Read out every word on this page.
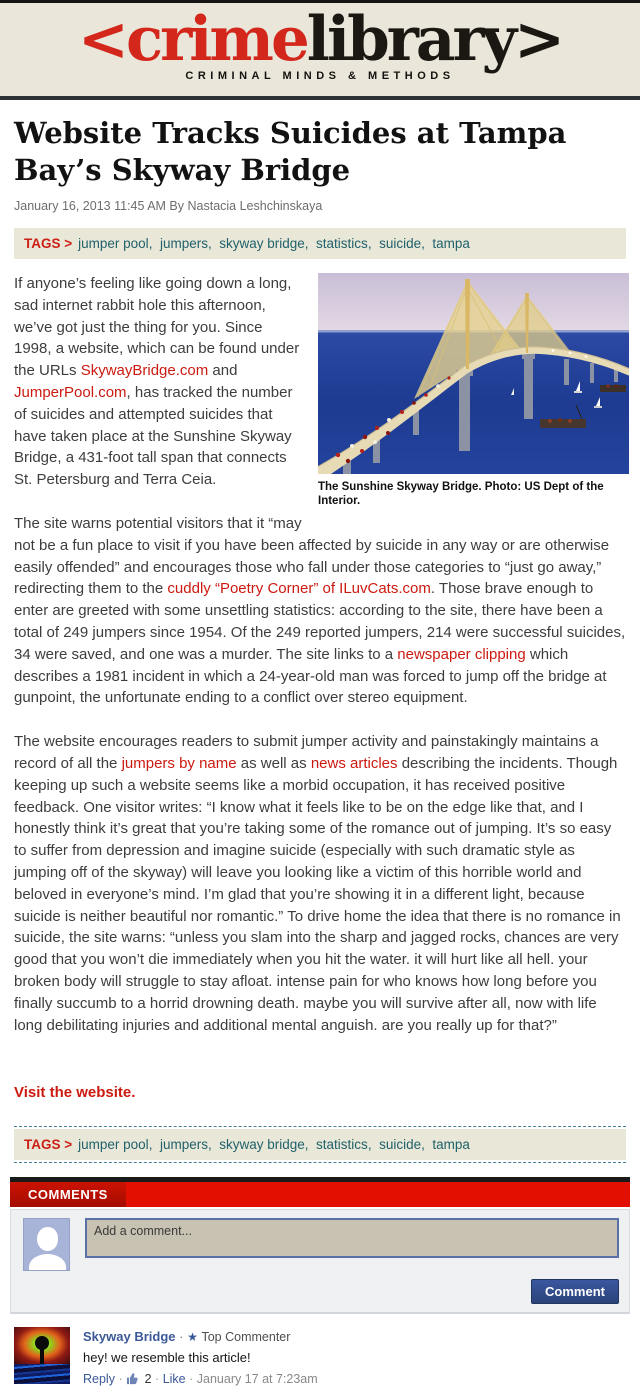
<crimelibrary>
CRIMINAL MINDS & METHODS
Website Tracks Suicides at Tampa Bay’s Skyway Bridge
January 16, 2013 11:45 AM By Nastacia Leshchinskaya
TAGS > jumper pool , jumpers , skyway bridge , statistics , suicide , tampa
The Sunshine Skyway Bridge. Photo: US Dept of the Interior.

If anyone’s feeling like going down a long, sad internet rabbit hole this afternoon, we’ve got just the thing for you. Since 1998, a website, which can be found under the URLs SkywayBridge.com and JumperPool.com, has tracked the number of suicides and attempted suicides that have taken place at the Sunshine Skyway Bridge, a 431-foot tall span that connects St. Petersburg and Terra Ceia.

The site warns potential visitors that it “may not be a fun place to visit if you have been affected by suicide in any way or are otherwise easily offended” and encourages those who fall under those categories to “just go away,” redirecting them to the cuddly “Poetry Corner” of ILuvCats.com. Those brave enough to enter are greeted with some unsettling statistics: according to the site, there have been a total of 249 jumpers since 1954. Of the 249 reported jumpers, 214 were successful suicides, 34 were saved, and one was a murder. The site links to a newspaper clipping which describes a 1981 incident in which a 24-year-old man was forced to jump off the bridge at gunpoint, the unfortunate ending to a conflict over stereo equipment.

The website encourages readers to submit jumper activity and painstakingly maintains a record of all the jumpers by name as well as news articles describing the incidents. Though keeping up such a website seems like a morbid occupation, it has received positive feedback. One visitor writes: “I know what it feels like to be on the edge like that, and I honestly think it’s great that you’re taking some of the romance out of jumping. It’s so easy to suffer from depression and imagine suicide (especially with such dramatic style as jumping off of the skyway) will leave you looking like a victim of this horrible world and beloved in everyone’s mind. I’m glad that you’re showing it in a different light, because suicide is neither beautiful nor romantic.” To drive home the idea that there is no romance in suicide, the site warns: “unless you slam into the sharp and jagged rocks, chances are very good that you won’t die immediately when you hit the water. it will hurt like all hell. your broken body will struggle to stay afloat. intense pain for who knows how long before you finally succumb to a horrid drowning death. maybe you will survive after all, now with life long debilitating injuries and additional mental anguish. are you really up for that?”

Visit the website.
TAGS > jumper pool , jumpers , skyway bridge , statistics , suicide , tampa
COMMENTS
Add a comment...
Comment
Skyway Bridge · ★ Top Commenter
hey! we resemble this article!
Reply · 2 · Like · January 17 at 7:23am
